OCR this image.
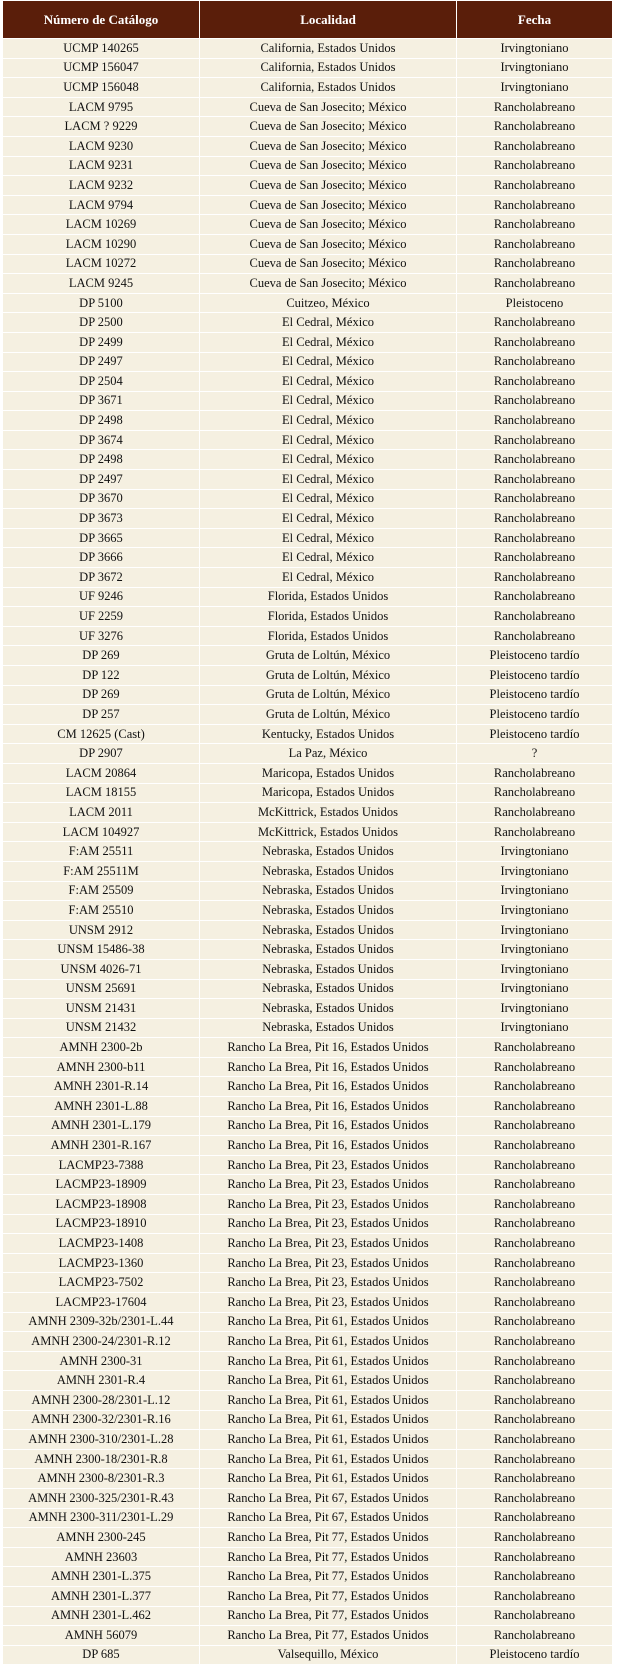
Número de Catálogo	Localidad	Fecha
UCMP 140265	California, Estados Unidos	Irvingtoniano
UCMP 156047	California, Estados Unidos	Irvingtoniano
UCMP 156048	California, Estados Unidos	Irvingtoniano
LACM 9795	Cueva de San Josecito; México	Rancholabreano
LACM ? 9229	Cueva de San Josecito; México	Rancholabreano
LACM 9230	Cueva de San Josecito; México	Rancholabreano
LACM 9231	Cueva de San Josecito; México	Rancholabreano
LACM 9232	Cueva de San Josecito; México	Rancholabreano
LACM 9794	Cueva de San Josecito; México	Rancholabreano
LACM 10269	Cueva de San Josecito; México	Rancholabreano
LACM 10290	Cueva de San Josecito; México	Rancholabreano
LACM 10272	Cueva de San Josecito; México	Rancholabreano
LACM 9245	Cueva de San Josecito; México	Rancholabreano
DP 5100	Cuitzeo, México	Pleistoceno
DP 2500	El Cedral, México	Rancholabreano
DP 2499	El Cedral, México	Rancholabreano
DP 2497	El Cedral, México	Rancholabreano
DP 2504	El Cedral, México	Rancholabreano
DP 3671	El Cedral, México	Rancholabreano
DP 2498	El Cedral, México	Rancholabreano
DP 3674	El Cedral, México	Rancholabreano
DP 2498	El Cedral, México	Rancholabreano
DP 2497	El Cedral, México	Rancholabreano
DP 3670	El Cedral, México	Rancholabreano
DP 3673	El Cedral, México	Rancholabreano
DP 3665	El Cedral, México	Rancholabreano
DP 3666	El Cedral, México	Rancholabreano
DP 3672	El Cedral, México	Rancholabreano
UF 9246	Florida, Estados Unidos	Rancholabreano
UF 2259	Florida, Estados Unidos	Rancholabreano
UF 3276	Florida, Estados Unidos	Rancholabreano
DP 269	Gruta de Loltún, México	Pleistoceno tardío
DP 122	Gruta de Loltún, México	Pleistoceno tardío
DP 269	Gruta de Loltún, México	Pleistoceno tardío
DP 257	Gruta de Loltún, México	Pleistoceno tardío
CM 12625 (Cast)	Kentucky, Estados Unidos	Pleistoceno tardío
DP 2907	La Paz, México	?
LACM 20864	Maricopa, Estados Unidos	Rancholabreano
LACM 18155	Maricopa, Estados Unidos	Rancholabreano
LACM 2011	McKittrick, Estados Unidos	Rancholabreano
LACM 104927	McKittrick, Estados Unidos	Rancholabreano
F:AM 25511	Nebraska, Estados Unidos	Irvingtoniano
F:AM 25511M	Nebraska, Estados Unidos	Irvingtoniano
F:AM 25509	Nebraska, Estados Unidos	Irvingtoniano
F:AM 25510	Nebraska, Estados Unidos	Irvingtoniano
UNSM 2912	Nebraska, Estados Unidos	Irvingtoniano
UNSM 15486-38	Nebraska, Estados Unidos	Irvingtoniano
UNSM 4026-71	Nebraska, Estados Unidos	Irvingtoniano
UNSM 25691	Nebraska, Estados Unidos	Irvingtoniano
UNSM 21431	Nebraska, Estados Unidos	Irvingtoniano
UNSM 21432	Nebraska, Estados Unidos	Irvingtoniano
AMNH 2300-2b	Rancho La Brea, Pit 16, Estados Unidos	Rancholabreano
AMNH 2300-b11	Rancho La Brea, Pit 16, Estados Unidos	Rancholabreano
AMNH 2301-R.14	Rancho La Brea, Pit 16, Estados Unidos	Rancholabreano
AMNH 2301-L.88	Rancho La Brea, Pit 16, Estados Unidos	Rancholabreano
AMNH 2301-L.179	Rancho La Brea, Pit 16, Estados Unidos	Rancholabreano
AMNH 2301-R.167	Rancho La Brea, Pit 16, Estados Unidos	Rancholabreano
LACMP23-7388	Rancho La Brea, Pit 23, Estados Unidos	Rancholabreano
LACMP23-18909	Rancho La Brea, Pit 23, Estados Unidos	Rancholabreano
LACMP23-18908	Rancho La Brea, Pit 23, Estados Unidos	Rancholabreano
LACMP23-18910	Rancho La Brea, Pit 23, Estados Unidos	Rancholabreano
LACMP23-1408	Rancho La Brea, Pit 23, Estados Unidos	Rancholabreano
LACMP23-1360	Rancho La Brea, Pit 23, Estados Unidos	Rancholabreano
LACMP23-7502	Rancho La Brea, Pit 23, Estados Unidos	Rancholabreano
LACMP23-17604	Rancho La Brea, Pit 23, Estados Unidos	Rancholabreano
AMNH 2309-32b/2301-L.44	Rancho La Brea, Pit 61, Estados Unidos	Rancholabreano
AMNH 2300-24/2301-R.12	Rancho La Brea, Pit 61, Estados Unidos	Rancholabreano
AMNH 2300-31	Rancho La Brea, Pit 61, Estados Unidos	Rancholabreano
AMNH 2301-R.4	Rancho La Brea, Pit 61, Estados Unidos	Rancholabreano
AMNH 2300-28/2301-L.12	Rancho La Brea, Pit 61, Estados Unidos	Rancholabreano
AMNH 2300-32/2301-R.16	Rancho La Brea, Pit 61, Estados Unidos	Rancholabreano
AMNH 2300-310/2301-L.28	Rancho La Brea, Pit 61, Estados Unidos	Rancholabreano
AMNH 2300-18/2301-R.8	Rancho La Brea, Pit 61, Estados Unidos	Rancholabreano
AMNH 2300-8/2301-R.3	Rancho La Brea, Pit 61, Estados Unidos	Rancholabreano
AMNH 2300-325/2301-R.43	Rancho La Brea, Pit 67, Estados Unidos	Rancholabreano
AMNH 2300-311/2301-L.29	Rancho La Brea, Pit 67, Estados Unidos	Rancholabreano
AMNH 2300-245	Rancho La Brea, Pit 77, Estados Unidos	Rancholabreano
AMNH 23603	Rancho La Brea, Pit 77, Estados Unidos	Rancholabreano
AMNH 2301-L.375	Rancho La Brea, Pit 77, Estados Unidos	Rancholabreano
AMNH 2301-L.377	Rancho La Brea, Pit 77, Estados Unidos	Rancholabreano
AMNH 2301-L.462	Rancho La Brea, Pit 77, Estados Unidos	Rancholabreano
AMNH 56079	Rancho La Brea, Pit 77, Estados Unidos	Rancholabreano
DP 685	Valsequillo, México	Pleistoceno tardío
